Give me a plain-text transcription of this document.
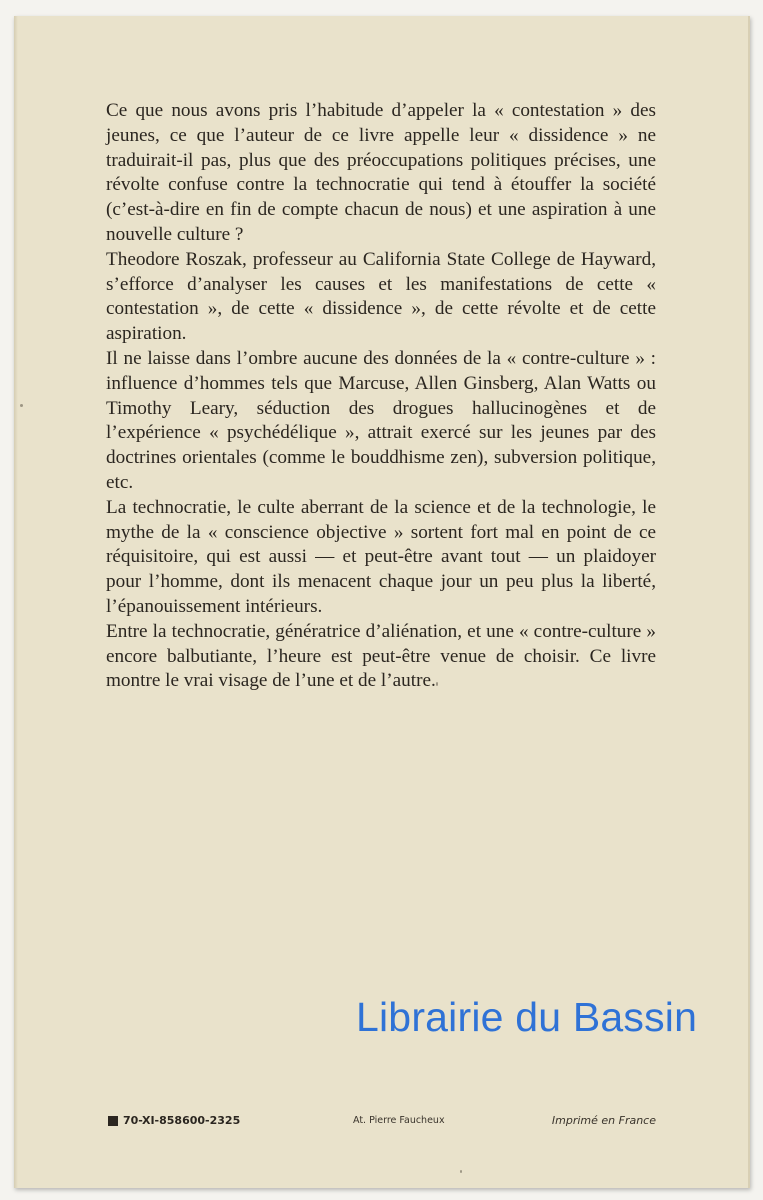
Ce que nous avons pris l’habitude d’appeler la « contestation » des jeunes, ce que l’auteur de ce livre appelle leur « dissidence » ne traduirait-il pas, plus que des préoccupations politiques précises, une révolte confuse contre la technocratie qui tend à étouffer la société (c’est-à-dire en fin de compte chacun de nous) et une aspiration à une nouvelle culture ?

Theodore Roszak, professeur au California State College de Hayward, s’efforce d’analyser les causes et les manifestations de cette « contestation », de cette « dissidence », de cette révolte et de cette aspiration.

Il ne laisse dans l’ombre aucune des données de la « contre-culture » : influence d’hommes tels que Marcuse, Allen Ginsberg, Alan Watts ou Timothy Leary, séduction des drogues hallucinogènes et de l’expérience « psychédélique », attrait exercé sur les jeunes par des doctrines orientales (comme le bouddhisme zen), subversion politique, etc.

La technocratie, le culte aberrant de la science et de la technologie, le mythe de la « conscience objective » sortent fort mal en point de ce réquisitoire, qui est aussi — et peut-être avant tout — un plaidoyer pour l’homme, dont ils menacent chaque jour un peu plus la liberté, l’épanouissement intérieurs.

Entre la technocratie, génératrice d’aliénation, et une « contre-culture » encore balbutiante, l’heure est peut-être venue de choisir. Ce livre montre le vrai visage de l’une et de l’autre.

Librairie du Bassin
70-XI-858600-2325	At. Pierre Faucheux	Imprimé en France
